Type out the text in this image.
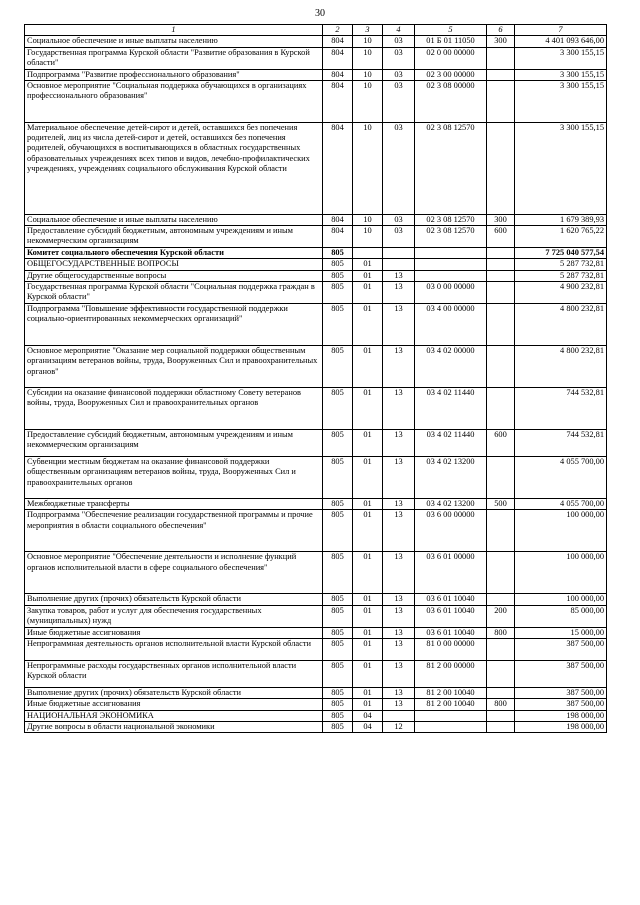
30
1	2	3	4	5	6	7
Социальное обеспечение и иные выплаты населению	804	10	03	01 Б 01 11050	300	4 401 093 646,00
Государственная программа Курской области "Развитие образования в Курской области"	804	10	03	02 0 00 00000		3 300 155,15
Подпрограмма "Развитие профессионального образования"	804	10	03	02 3 00 00000		3 300 155,15
Основное мероприятие "Социальная поддержка обучающихся в организациях профессионального образования"	804	10	03	02 3 08 00000		3 300 155,15
Материальное обеспечение детей-сирот и детей, оставшихся без попечения родителей, лиц из числа детей-сирот и детей, оставшихся без попечения родителей, обучающихся в воспитывающихся в областных государственных образовательных учреждениях всех типов и видов, лечебно-профилактических учреждениях, учреждениях социального обслуживания Курской области	804	10	03	02 3 08 12570		3 300 155,15
Социальное обеспечение и иные выплаты населению	804	10	03	02 3 08 12570	300	1 679 389,93
Предоставление субсидий бюджетным, автономным учреждениям и иным некоммерческим организациям	804	10	03	02 3 08 12570	600	1 620 765,22
Комитет социального обеспечения Курской области	805					7 725 040 577,54
ОБЩЕГОСУДАРСТВЕННЫЕ ВОПРОСЫ	805	01				5 287 732,81
Другие общегосударственные вопросы	805	01	13			5 287 732,81
Государственная программа Курской области "Социальная поддержка граждан в Курской области"	805	01	13	03 0 00 00000		4 900 232,81
Подпрограмма "Повышение эффективности государственной поддержки социально-ориентированных некоммерческих организаций"	805	01	13	03 4 00 00000		4 800 232,81
Основное мероприятие "Оказание мер социальной поддержки общественным организациям ветеранов войны, труда, Вооруженных Сил и правоохранительных органов"	805	01	13	03 4 02 00000		4 800 232,81
Субсидии на оказание финансовой поддержки областному Совету ветеранов войны, труда, Вооруженных Сил и правоохранительных органов	805	01	13	03 4 02 11440		744 532,81
Предоставление субсидий бюджетным, автономным учреждениям и иным некоммерческим организациям	805	01	13	03 4 02 11440	600	744 532,81
Субвенции местным бюджетам на оказание финансовой поддержки общественным организациям ветеранов войны, труда, Вооруженных Сил и правоохранительных органов	805	01	13	03 4 02 13200		4 055 700,00
Межбюджетные трансферты	805	01	13	03 4 02 13200	500	4 055 700,00
Подпрограмма "Обеспечение реализации государственной программы и прочие мероприятия в области социального обеспечения"	805	01	13	03 6 00 00000		100 000,00
Основное мероприятие "Обеспечение деятельности и исполнение функций органов исполнительной власти в сфере социального обеспечения"	805	01	13	03 6 01 00000		100 000,00
Выполнение других (прочих) обязательств Курской области	805	01	13	03 6 01 10040		100 000,00
Закупка товаров, работ и услуг для обеспечения государственных (муниципальных) нужд	805	01	13	03 6 01 10040	200	85 000,00
Иные бюджетные ассигнования	805	01	13	03 6 01 10040	800	15 000,00
Непрограммная деятельность органов исполнительной власти Курской области	805	01	13	81 0 00 00000		387 500,00
Непрограммные расходы государственных органов исполнительной власти Курской области	805	01	13	81 2 00 00000		387 500,00
Выполнение других (прочих) обязательств Курской области	805	01	13	81 2 00 10040		387 500,00
Иные бюджетные ассигнования	805	01	13	81 2 00 10040	800	387 500,00
НАЦИОНАЛЬНАЯ ЭКОНОМИКА	805	04				198 000,00
Другие вопросы в области национальной экономики	805	04	12			198 000,00
